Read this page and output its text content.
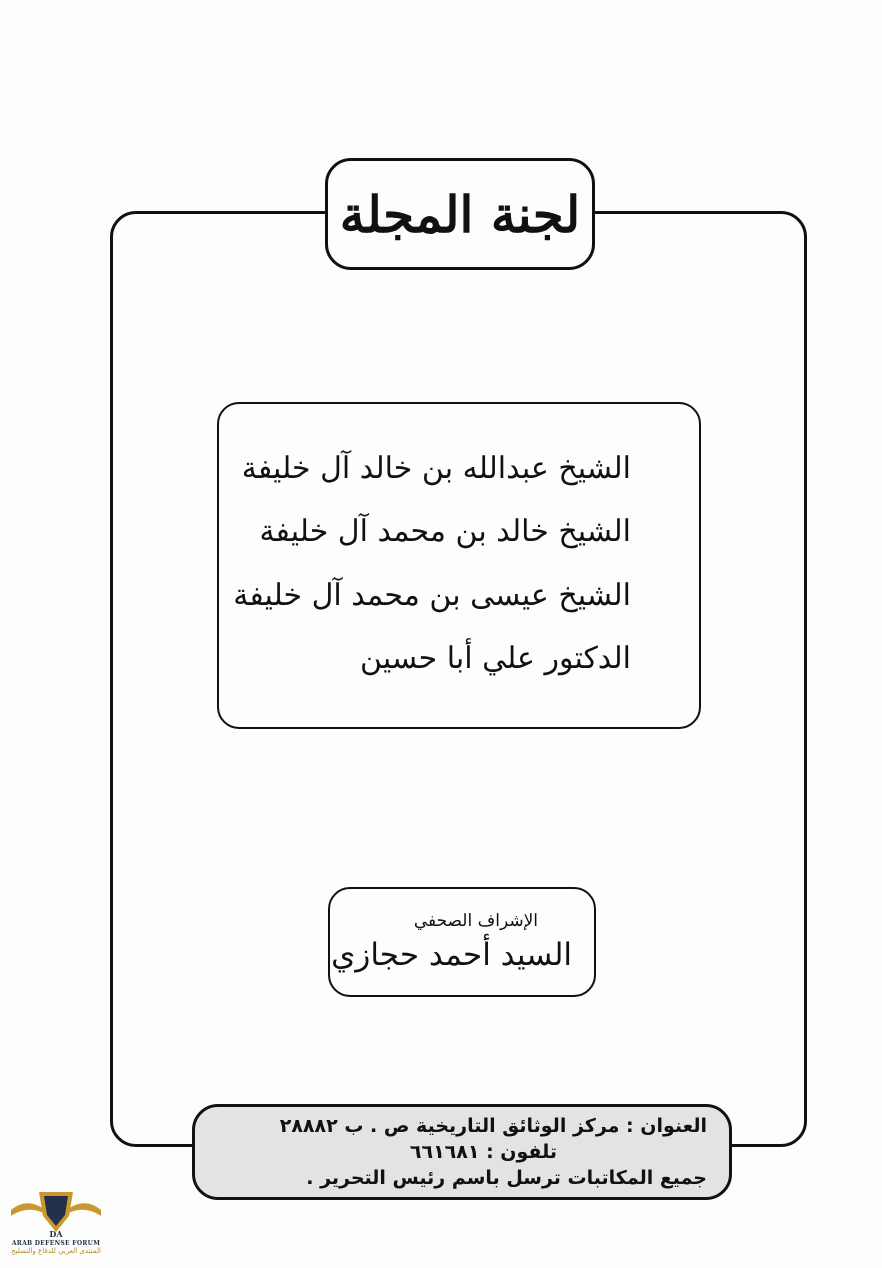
لجنة المجلة
الشيخ عبدالله بن خالد آل خليفة
الشيخ خالد بن محمد آل خليفة
الشيخ عيسى بن محمد آل خليفة
الدكتور علي أبا حسين
الإشراف الصحفي
السيد أحمد حجازي
العنوان : مركز الوثائق التاريخية ص . ب ٢٨٨٨٢
تلفون : ٦٦١٦٨١
جميع المكاتبات ترسل باسم رئيس التحرير .
DA
ARAB DEFENSE FORUM
المنتدى العربي للدفاع والتسليح
